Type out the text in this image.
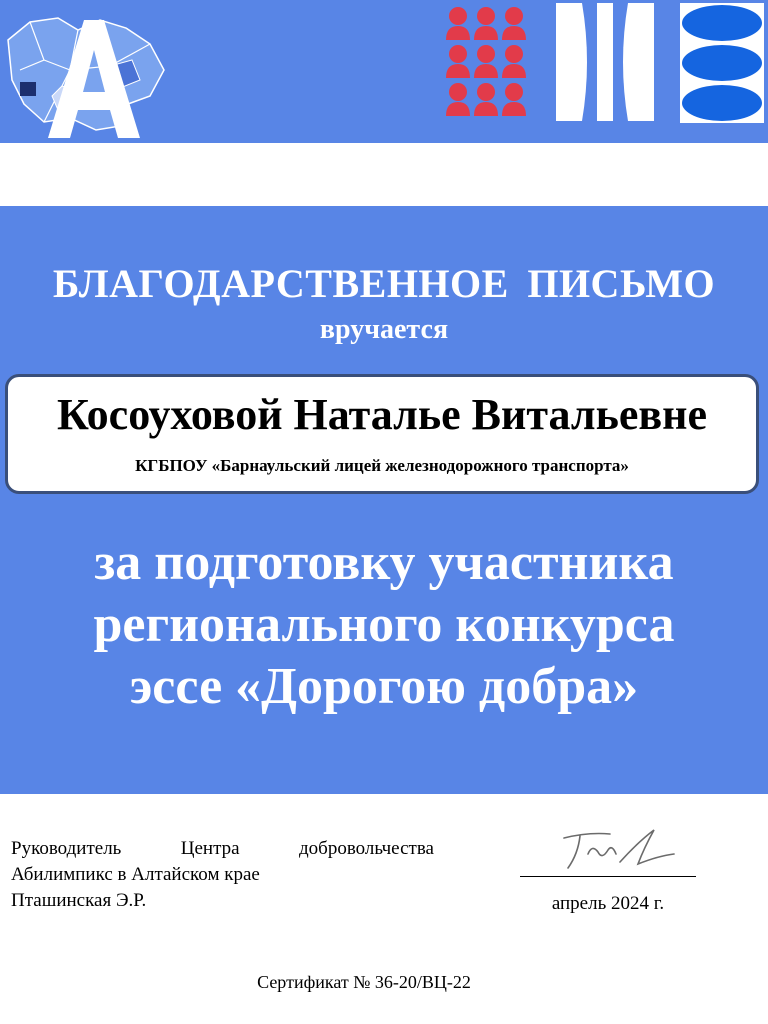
БЛАГОДАРСТВЕННОЕ ПИСЬМО
вручается
Косоуховой Наталье Витальевне
КГБПОУ «Барнаульский лицей железнодорожного транспорта»
за подготовку участника
регионального конкурса
эссе «Дорогою добра»
Руководитель	Центра	добровольчества
Абилимпикс в Алтайском крае
Пташинская Э.Р.	апрель 2024 г.
Сертификат № 36-20/ВЦ-22
